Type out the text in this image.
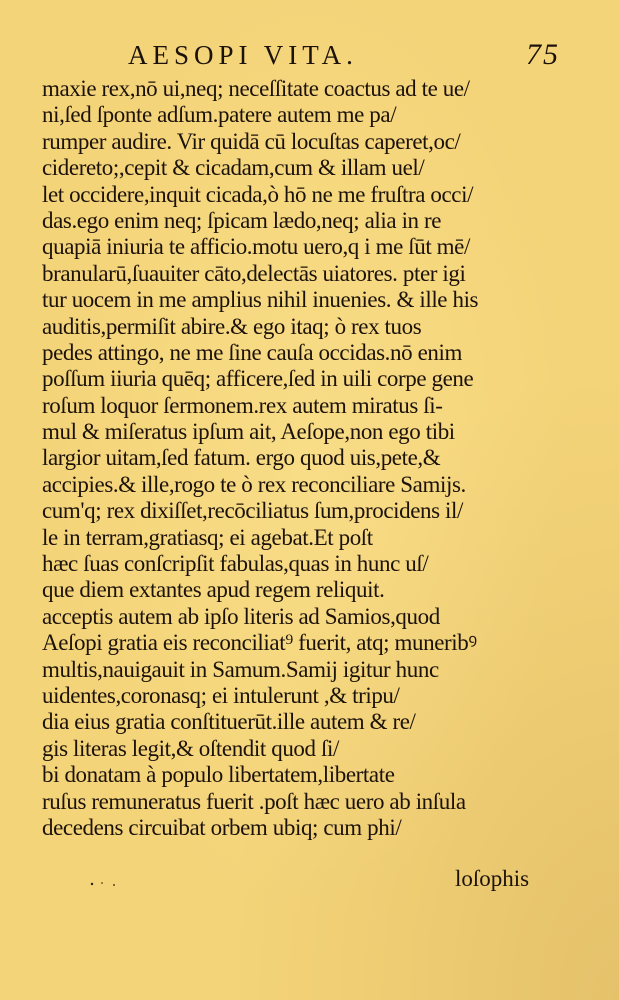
AESOPI VITA.	75
maxie rex,nō ui,neq; neceſſitate coactus ad te ue/
ni,ſed ſponte adſum.patere autem me pa/
rumper audire. Vir quidā cū locuſtas caperet,oc/
cidereto;,cepit & cicadam,cum & illam uel/
let occidere,inquit cicada,ò hō ne me fruſtra occi/
das.ego enim neq; ſpicam lædo,neq; alia in re
quapiā iniuria te afficio.motu uero,q i me ſūt mē/
branularū,ſuauiter cāto,delectās uiatores. pter igi
tur uocem in me amplius nihil inuenies. & ille his
auditis,permiſit abire.& ego itaq; ò rex tuos
pedes attingo, ne me ſine cauſa occidas.nō enim
poſſum iiuria quēq; afficere,ſed in uili corpe gene
roſum loquor ſermonem.rex autem miratus ſi-
mul & miſeratus ipſum ait, Aeſope,non ego tibi
largior uitam,ſed fatum. ergo quod uis,pete,&
accipies.& ille,rogo te ò rex reconciliare Samijs.
cum'q; rex dixiſſet,recōciliatus ſum,procidens il/
le in terram,gratiasq; ei agebat.Et poſt
hæc ſuas conſcripſit fabulas,quas in hunc uſ/
que diem extantes apud regem reliquit.
acceptis autem ab ipſo literis ad Samios,quod
Aeſopi gratia eis reconciliat⁹ fuerit, atq; muneribꝰ
multis,nauigauit in Samum.Samij igitur hunc
uidentes,coronasq; ei intulerunt ,& tripu/
dia eius gratia conſtituerūt.ille autem & re/
gis literas legit,& oſtendit quod ſi/
bi donatam à populo libertatem,libertate
ruſus remuneratus fuerit .poſt hæc uero ab inſula
decedens circuibat orbem ubiq; cum phi/
loſophis
